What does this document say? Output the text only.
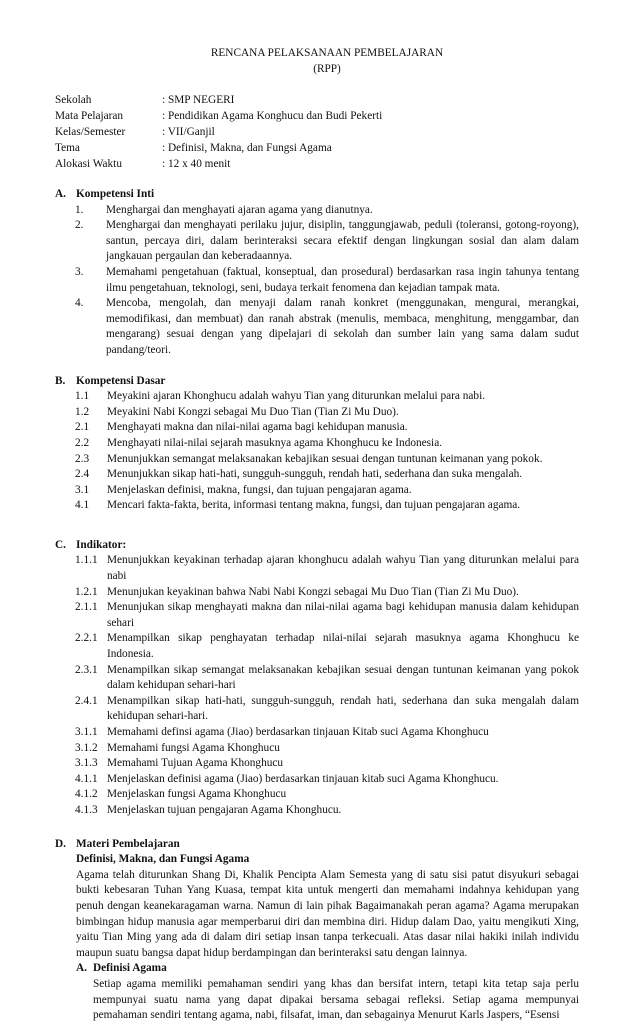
RENCANA PELAKSANAAN PEMBELAJARAN
(RPP)
Sekolah	: SMP NEGERI
Mata Pelajaran	: Pendidikan Agama Konghucu dan Budi Pekerti
Kelas/Semester	: VII/Ganjil
Tema	: Definisi, Makna, dan Fungsi Agama
Alokasi Waktu	: 12 x 40 menit
A. Kompetensi Inti
1.	Menghargai dan menghayati ajaran agama yang dianutnya.
2.	Menghargai dan menghayati perilaku jujur, disiplin, tanggungjawab, peduli (toleransi, gotong-royong), santun, percaya diri, dalam berinteraksi secara efektif dengan lingkungan sosial dan alam dalam jangkauan pergaulan dan keberadaannya.
3.	Memahami pengetahuan (faktual, konseptual, dan prosedural) berdasarkan rasa ingin tahunya tentang ilmu pengetahuan, teknologi, seni, budaya terkait fenomena dan kejadian tampak mata.
4.	Mencoba, mengolah, dan menyaji dalam ranah konkret (menggunakan, mengurai, merangkai, memodifikasi, dan membuat) dan ranah abstrak (menulis, membaca, menghitung, menggambar, dan mengarang) sesuai dengan yang dipelajari di sekolah dan sumber lain yang sama dalam sudut pandang/teori.
B. Kompetensi Dasar
1.1	Meyakini ajaran Khonghucu adalah wahyu Tian yang diturunkan melalui para nabi.
1.2	Meyakini Nabi Kongzi sebagai Mu Duo Tian (Tian Zi Mu Duo).
2.1	Menghayati makna dan nilai-nilai agama bagi kehidupan manusia.
2.2	Menghayati nilai-nilai sejarah masuknya agama Khonghucu ke Indonesia.
2.3	Menunjukkan semangat melaksanakan kebajikan sesuai dengan tuntunan keimanan yang pokok.
2.4	Menunjukkan sikap hati-hati, sungguh-sungguh, rendah hati, sederhana dan suka mengalah.
3.1	Menjelaskan definisi, makna, fungsi, dan tujuan pengajaran agama.
4.1	Mencari fakta-fakta, berita, informasi tentang makna, fungsi, dan tujuan pengajaran agama.
C. Indikator:
1.1.1 Menunjukkan keyakinan terhadap ajaran khonghucu adalah wahyu Tian yang diturunkan melalui para nabi
1.2.1 Menunjukan keyakinan bahwa Nabi Nabi Kongzi sebagai Mu Duo Tian (Tian Zi Mu Duo).
2.1.1 Menunjukan sikap menghayati makna dan nilai-nilai agama bagi kehidupan manusia dalam kehidupan sehari
2.2.1 Menampilkan sikap penghayatan terhadap nilai-nilai sejarah masuknya agama Khonghucu ke Indonesia.
2.3.1 Menampilkan sikap semangat melaksanakan kebajikan sesuai dengan tuntunan keimanan yang pokok dalam kehidupan sehari-hari
2.4.1 Menampilkan sikap hati-hati, sungguh-sungguh, rendah hati, sederhana dan suka mengalah dalam kehidupan sehari-hari.
3.1.1 Memahami definsi agama (Jiao) berdasarkan tinjauan Kitab suci Agama Khonghucu
3.1.2 Memahami fungsi Agama Khonghucu
3.1.3 Memahami Tujuan Agama Khonghucu
4.1.1 Menjelaskan definisi agama (Jiao) berdasarkan tinjauan kitab suci Agama Khonghucu.
4.1.2 Menjelaskan fungsi Agama Khonghucu
4.1.3 Menjelaskan tujuan pengajaran Agama Khonghucu.
D. Materi Pembelajaran
Definisi, Makna, dan Fungsi Agama
Agama telah diturunkan Shang Di, Khalik Pencipta Alam Semesta yang di satu sisi patut disyukuri sebagai bukti kebesaran Tuhan Yang Kuasa, tempat kita untuk mengerti dan memahami indahnya kehidupan yang penuh dengan keanekaragaman warna. Namun di lain pihak Bagaimanakah peran agama? Agama merupakan bimbingan hidup manusia agar memperbarui diri dan membina diri. Hidup dalam Dao, yaitu mengikuti Xing, yaitu Tian Ming yang ada di dalam diri setiap insan tanpa terkecuali. Atas dasar nilai hakiki inilah individu maupun suatu bangsa dapat hidup berdampingan dan berinteraksi satu dengan lainnya.
A. Definisi Agama
Setiap agama memiliki pemahaman sendiri yang khas dan bersifat intern, tetapi kita tetap saja perlu mempunyai suatu nama yang dapat dipakai bersama sebagai refleksi. Setiap agama mempunyai pemahaman sendiri tentang agama, nabi, filsafat, iman, dan sebagainya Menurut Karls Jaspers, “Esensi
